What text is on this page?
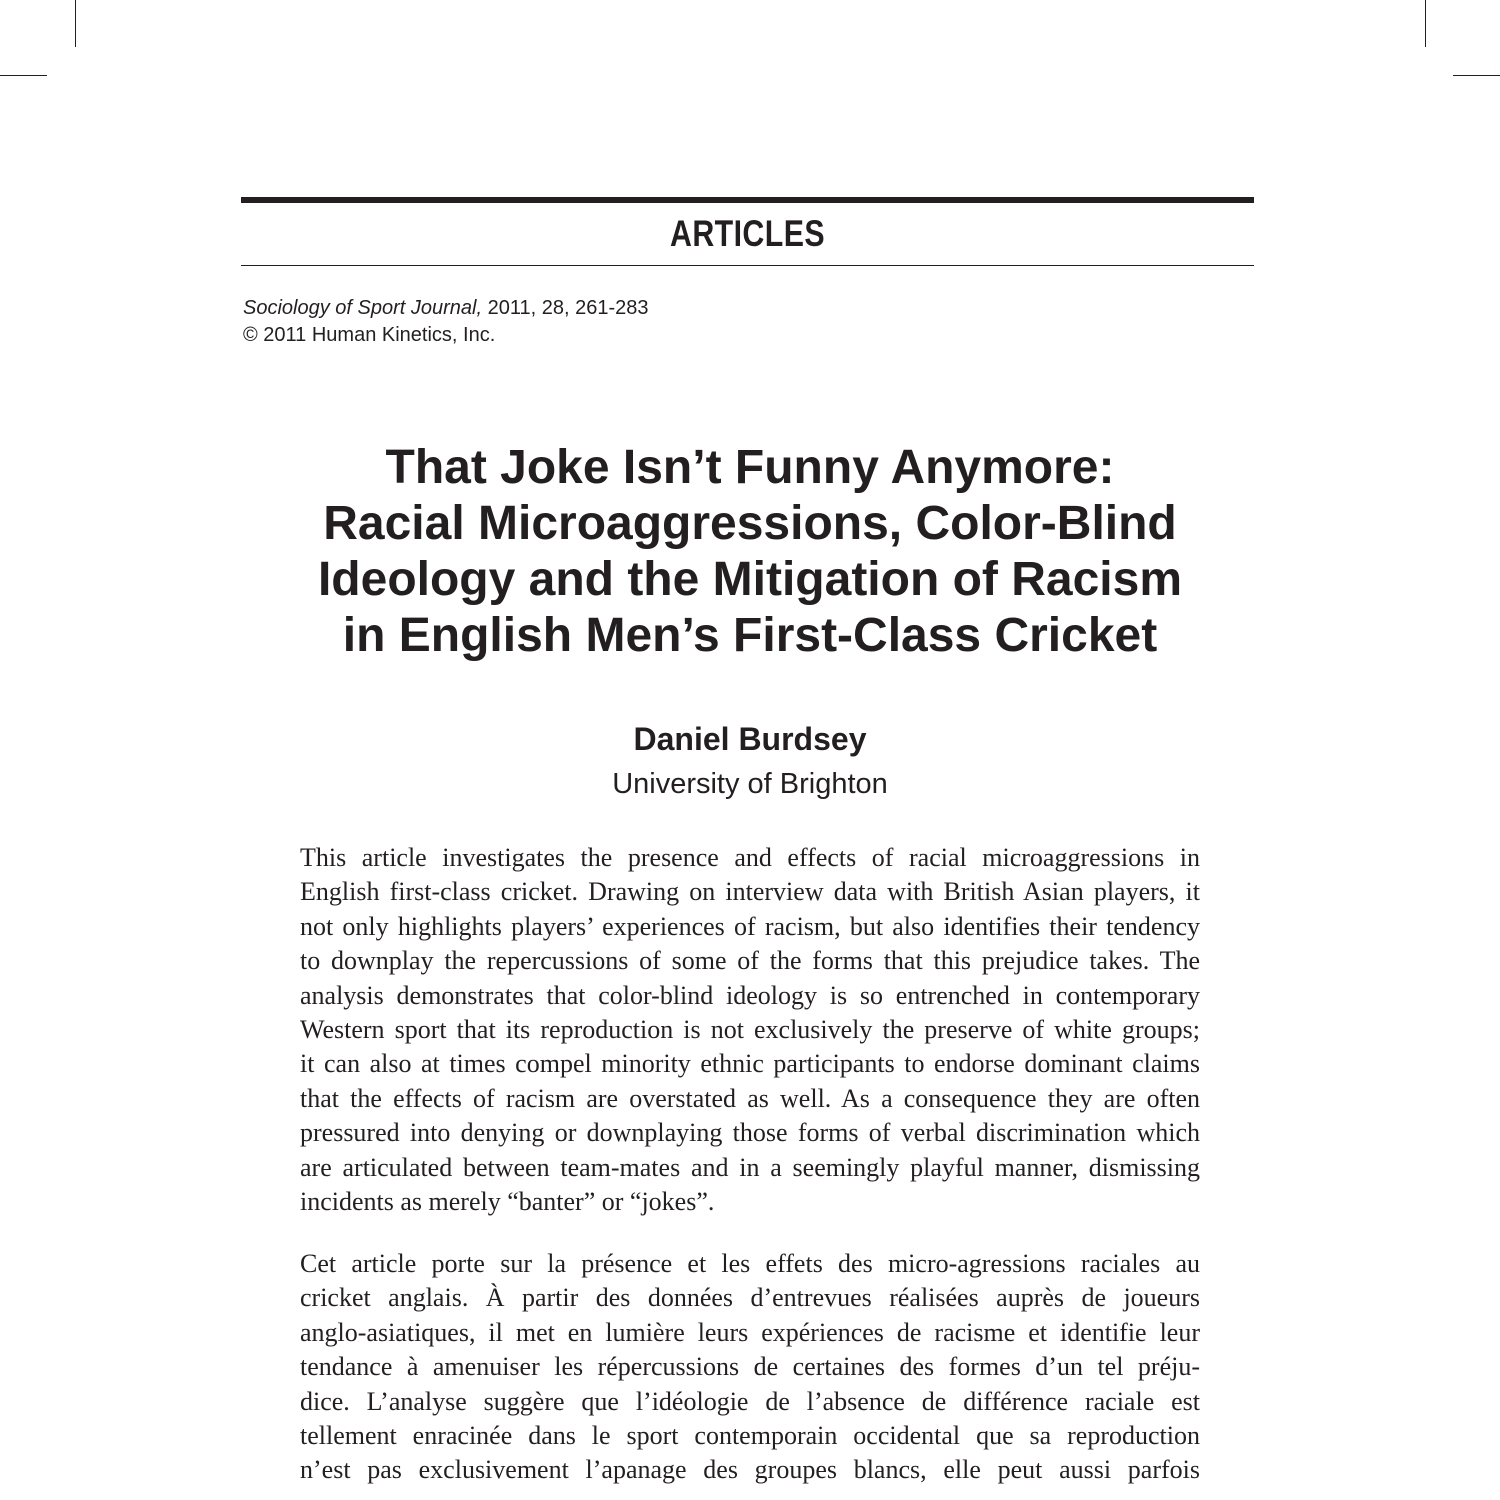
ARTICLES
Sociology of Sport Journal, 2011, 28, 261-283
© 2011 Human Kinetics, Inc.
That Joke Isn’t Funny Anymore:
Racial Microaggressions, Color-Blind
Ideology and the Mitigation of Racism
in English Men’s First-Class Cricket
Daniel Burdsey
University of Brighton

This article investigates the presence and effects of racial microaggressions in
English first-class cricket. Drawing on interview data with British Asian players, it
not only highlights players’ experiences of racism, but also identifies their tendency
to downplay the repercussions of some of the forms that this prejudice takes. The
analysis demonstrates that color-blind ideology is so entrenched in contemporary
Western sport that its reproduction is not exclusively the preserve of white groups;
it can also at times compel minority ethnic participants to endorse dominant claims
that the effects of racism are overstated as well. As a consequence they are often
pressured into denying or downplaying those forms of verbal discrimination which
are articulated between team-mates and in a seemingly playful manner, dismissing
incidents as merely “banter” or “jokes”.

Cet article porte sur la présence et les effets des micro-agressions raciales au
cricket anglais. À partir des données d’entrevues réalisées auprès de joueurs
anglo-asiatiques, il met en lumière leurs expériences de racisme et identifie leur
tendance à amenuiser les répercussions de certaines des formes d’un tel préju-
dice. L’analyse suggère que l’idéologie de l’absence de différence raciale est
tellement enracinée dans le sport contemporain occidental que sa reproduction
n’est pas exclusivement l’apanage des groupes blancs, elle peut aussi parfois
